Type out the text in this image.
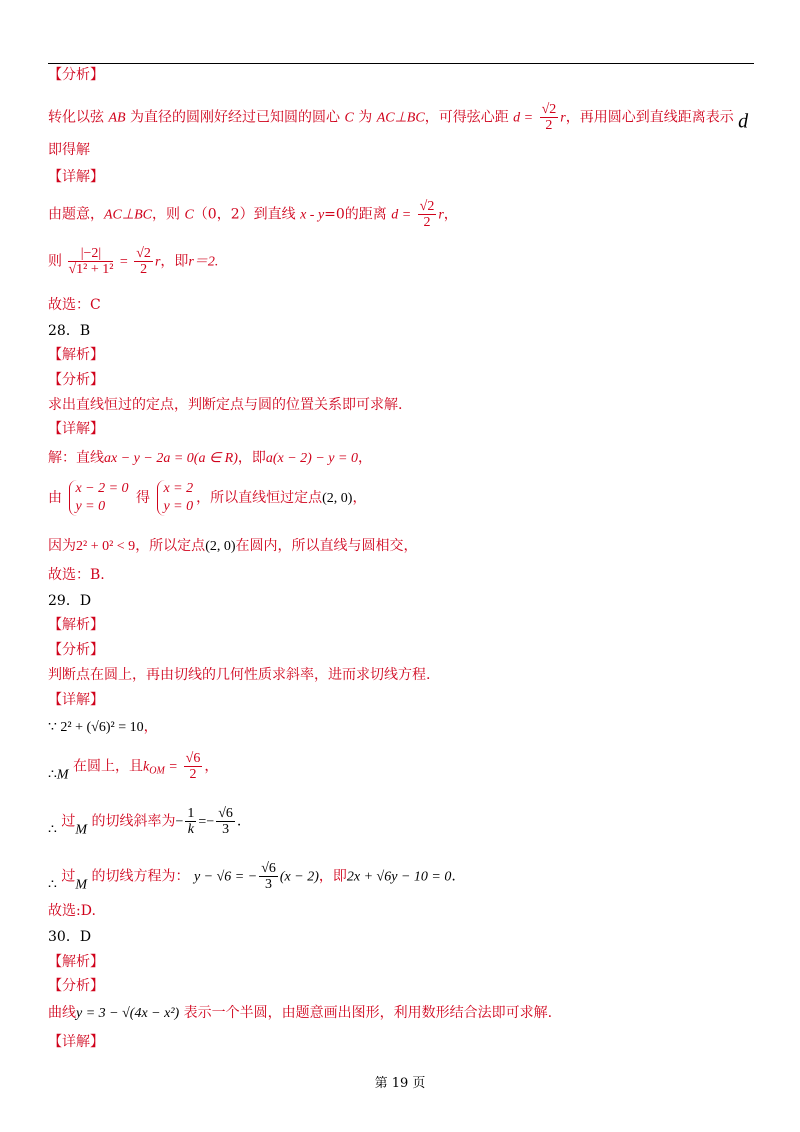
【分析】
转化以弦 AB 为直径的圆刚好经过已知圆的圆心 C 为 AC⊥BC，可得弦心距 $d = \frac{√2}{2}$ r，再用圆心到直线距离表示 d
即得解
【详解】
由题意，AC⊥BC，则 C（0，2）到直线 x - y=0的距离 $d = \frac{√2}{2}$ r，
则 $\frac{|-2|}{\text{√1² + 1²}} = \frac{√2}{2}$ r，即r＝2.
故选：C
28．B
【解析】
【分析】
求出直线恒过的定点，判断定点与圆的位置关系即可求解.
【详解】
解：直线ax − y − 2a = 0(a ∈ R)，即a(x − 2) − y = 0，
由
x − 2 = 0
y = 0
得
x = 2
y = 0
，所以直线恒过定点(2, 0)，
因为2² + 0² < 9，所以定点(2, 0)在圆内，所以直线与圆相交，
故选：B.
29．D
【解析】
【分析】
判断点在圆上，再由切线的几何性质求斜率，进而求切线方程.
【详解】
∵ 2² + (√6)² = 10，
∴M 在圆上，且$k_{OM} = \frac{√6}{2}$ ，
∴ 过M 的切线斜率为− $\frac{1}{k} =- \frac{√6}{3}$ .
∴ 过M 的切线方程为： y − √6 = − $\frac{√6}{3} (x - 2)$，即2x + √6y − 10 = 0.
故选:D.
30．D
【解析】
【分析】
曲线y = 3 − √(4x − x²) 表示一个半圆，由题意画出图形，利用数形结合法即可求解.
【详解】
第 19 页
